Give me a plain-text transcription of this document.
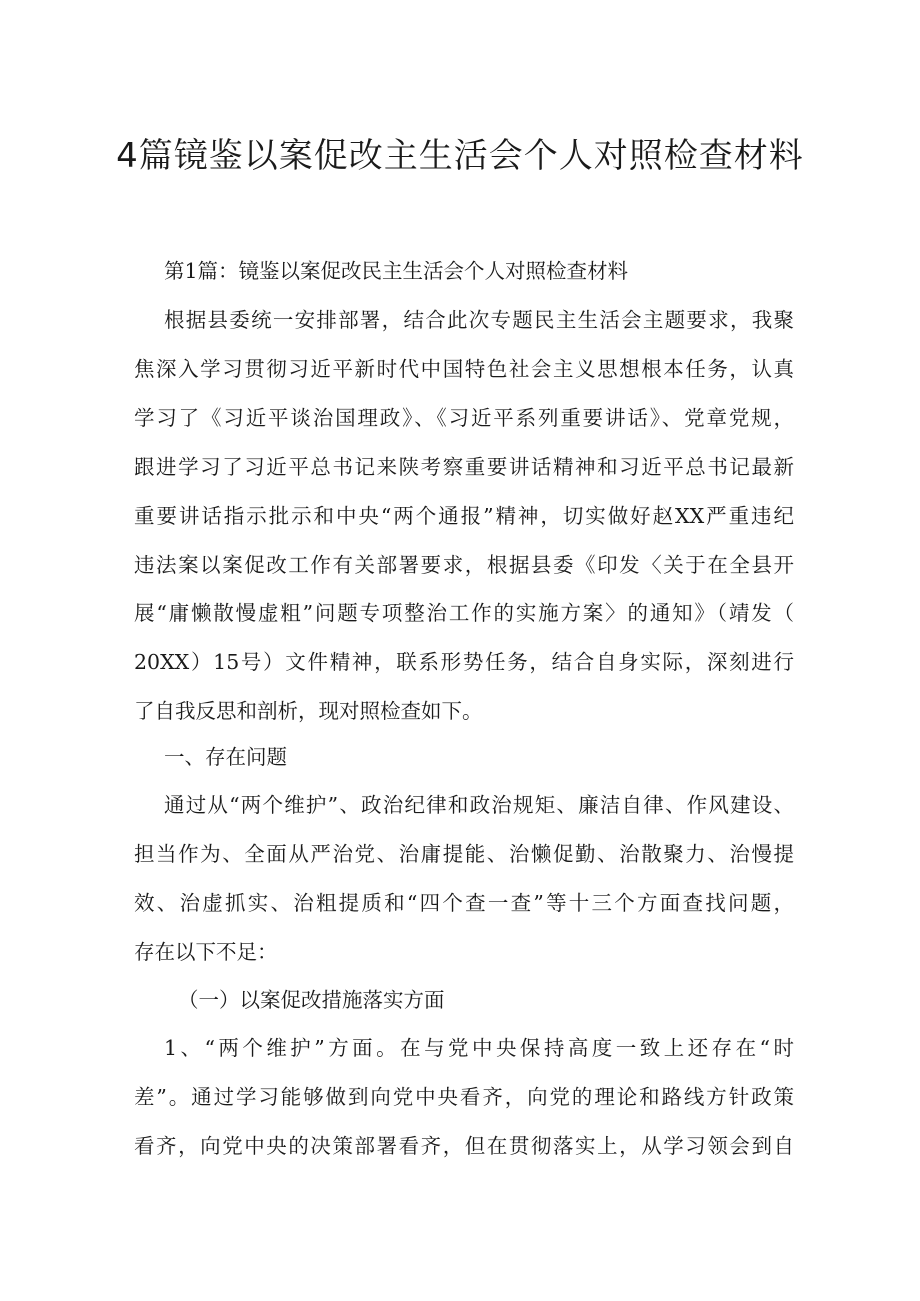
4篇镜鉴以案促改主生活会个人对照检查材料

第1篇：镜鉴以案促改民主生活会个人对照检查材料

根据县委统一安排部署，结合此次专题民主生活会主题要求，我聚

焦深入学习贯彻习近平新时代中国特色社会主义思想根本任务，认真

学习了《习近平谈治国理政》、《习近平系列重要讲话》、党章党规，

跟进学习了习近平总书记来陕考察重要讲话精神和习近平总书记最新

重要讲话指示批示和中央“两个通报”精神，切实做好赵XX严重违纪

违法案以案促改工作有关部署要求，根据县委《印发〈关于在全县开

展“庸懒散慢虚粗”问题专项整治工作的实施方案〉的通知》（靖发（

20XX）15号）文件精神，联系形势任务，结合自身实际，深刻进行

了自我反思和剖析，现对照检查如下。

一、存在问题

通过从“两个维护”、政治纪律和政治规矩、廉洁自律、作风建设、

担当作为、全面从严治党、治庸提能、治懒促勤、治散聚力、治慢提

效、治虚抓实、治粗提质和“四个查一查”等十三个方面查找问题，

存在以下不足：

（一）以案促改措施落实方面

1、“两个维护”方面。在与党中央保持高度一致上还存在“时

差”。通过学习能够做到向党中央看齐，向党的理论和路线方针政策

看齐，向党中央的决策部署看齐，但在贯彻落实上，从学习领会到自
